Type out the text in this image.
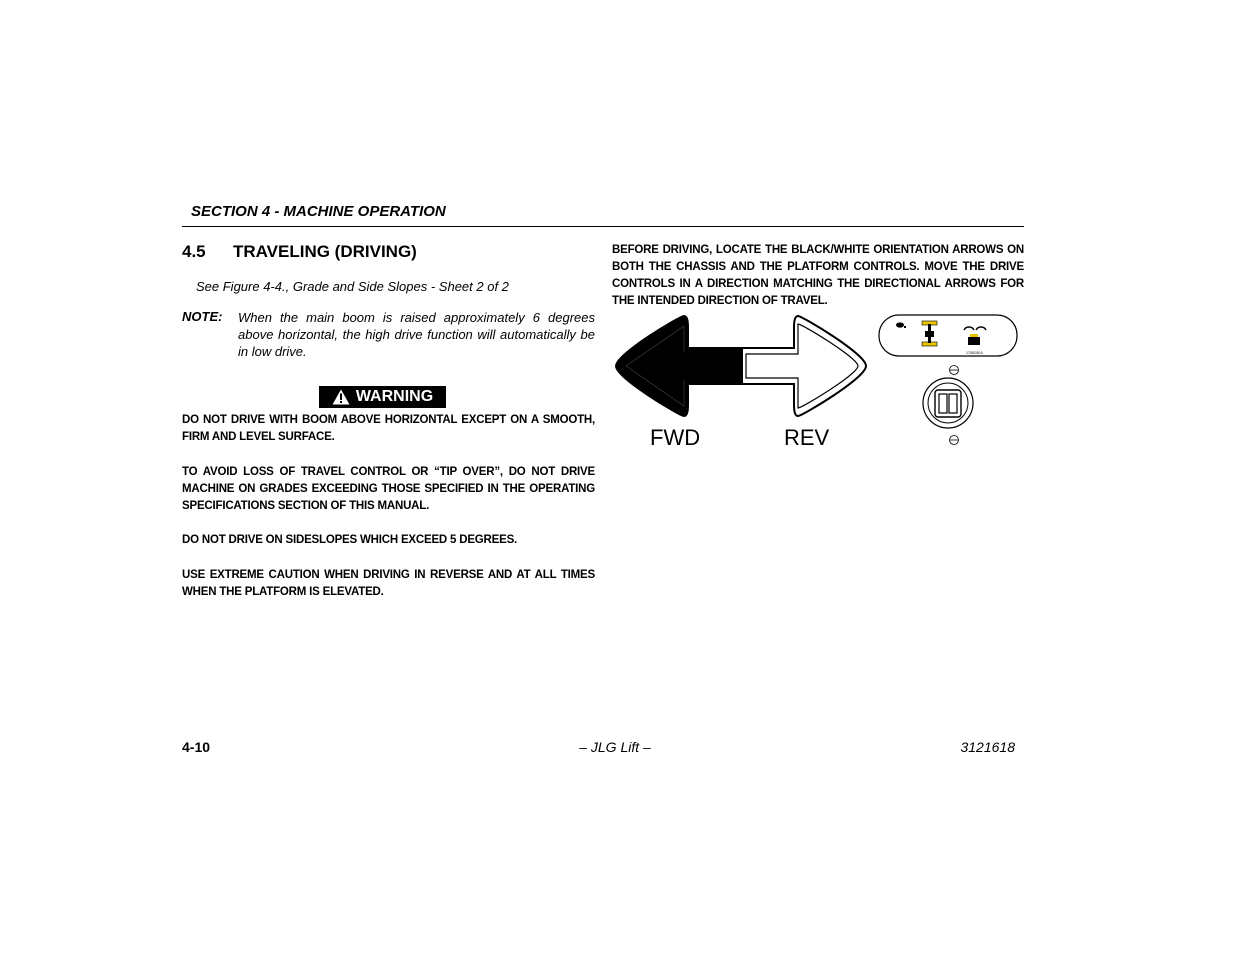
SECTION 4 - MACHINE OPERATION
4.5 TRAVELING (DRIVING)
See Figure 4-4., Grade and Side Slopes - Sheet 2 of 2
NOTE: When the main boom is raised approximately 6 degrees above horizontal, the high drive function will automatically be in low drive.
WARNING
DO NOT DRIVE WITH BOOM ABOVE HORIZONTAL EXCEPT ON A SMOOTH, FIRM AND LEVEL SURFACE.
TO AVOID LOSS OF TRAVEL CONTROL OR “TIP OVER”, DO NOT DRIVE MACHINE ON GRADES EXCEEDING THOSE SPECIFIED IN THE OPERATING SPECIFICATIONS SECTION OF THIS MANUAL.
DO NOT DRIVE ON SIDESLOPES WHICH EXCEED 5 DEGREES.
USE EXTREME CAUTION WHEN DRIVING IN REVERSE AND AT ALL TIMES WHEN THE PLATFORM IS ELEVATED.
BEFORE DRIVING, LOCATE THE BLACK/WHITE ORIENTATION ARROWS ON BOTH THE CHASSIS AND THE PLATFORM CONTROLS. MOVE THE DRIVE CONTROLS IN A DIRECTION MATCHING THE DIRECTIONAL ARROWS FOR THE INTENDED DIRECTION OF TRAVEL.
FWD	REV
1706245 A
4-10	– JLG Lift –	3121618
